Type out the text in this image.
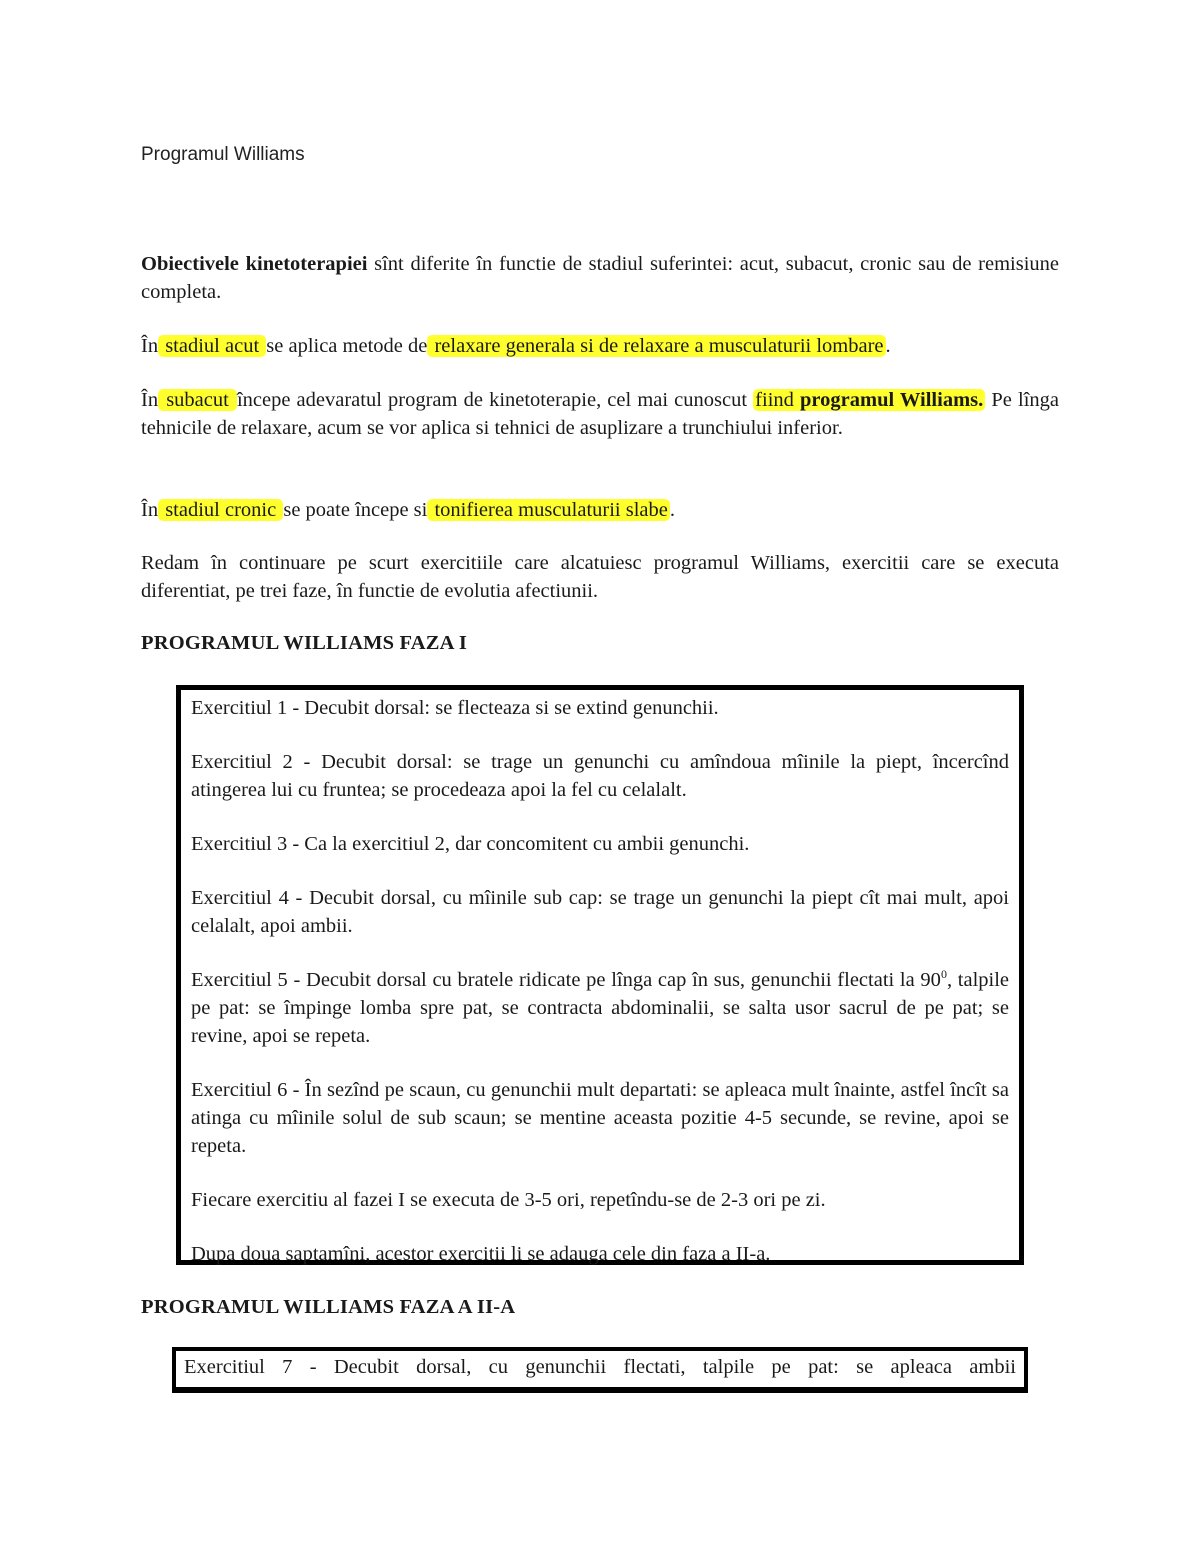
Programul Williams

Obiectivele kinetoterapiei sînt diferite în functie de stadiul suferintei: acut, subacut, cronic sau de remisiune completa.

În stadiul acut se aplica metode de relaxare generala si de relaxare a musculaturii lombare.

În subacut începe adevaratul program de kinetoterapie, cel mai cunoscut fiind programul Williams. Pe lînga tehnicile de relaxare, acum se vor aplica si tehnici de asuplizare a trunchiului inferior.

În stadiul cronic se poate începe si tonifierea musculaturii slabe.

Redam în continuare pe scurt exercitiile care alcatuiesc programul Williams, exercitii care se executa diferentiat, pe trei faze, în functie de evolutia afectiunii.

PROGRAMUL WILLIAMS FAZA I

Exercitiul 1 - Decubit dorsal: se flecteaza si se extind genunchii.

Exercitiul 2 - Decubit dorsal: se trage un genunchi cu amîndoua mîinile la piept, încercînd atingerea lui cu fruntea; se procedeaza apoi la fel cu celalalt.

Exercitiul 3 - Ca la exercitiul 2, dar concomitent cu ambii genunchi.

Exercitiul 4 - Decubit dorsal, cu mîinile sub cap: se trage un genunchi la piept cît mai mult, apoi celalalt, apoi ambii.

Exercitiul 5 - Decubit dorsal cu bratele ridicate pe lînga cap în sus, genunchii flectati la $90^0$, talpile pe pat: se împinge lomba spre pat, se contracta abdominalii, se salta usor sacrul de pe pat; se revine, apoi se repeta.

Exercitiul 6 - În sezînd pe scaun, cu genunchii mult departati: se apleaca mult înainte, astfel încît sa atinga cu mîinile solul de sub scaun; se mentine aceasta pozitie 4-5 secunde, se revine, apoi se repeta.

Fiecare exercitiu al fazei I se executa de 3-5 ori, repetîndu-se de 2-3 ori pe zi.

Dupa doua saptamîni, acestor exercitii li se adauga cele din faza a II-a.

PROGRAMUL WILLIAMS FAZA A II-A
Exercitiul 7 - Decubit dorsal, cu genunchii flectati, talpile pe pat: se apleaca ambii
